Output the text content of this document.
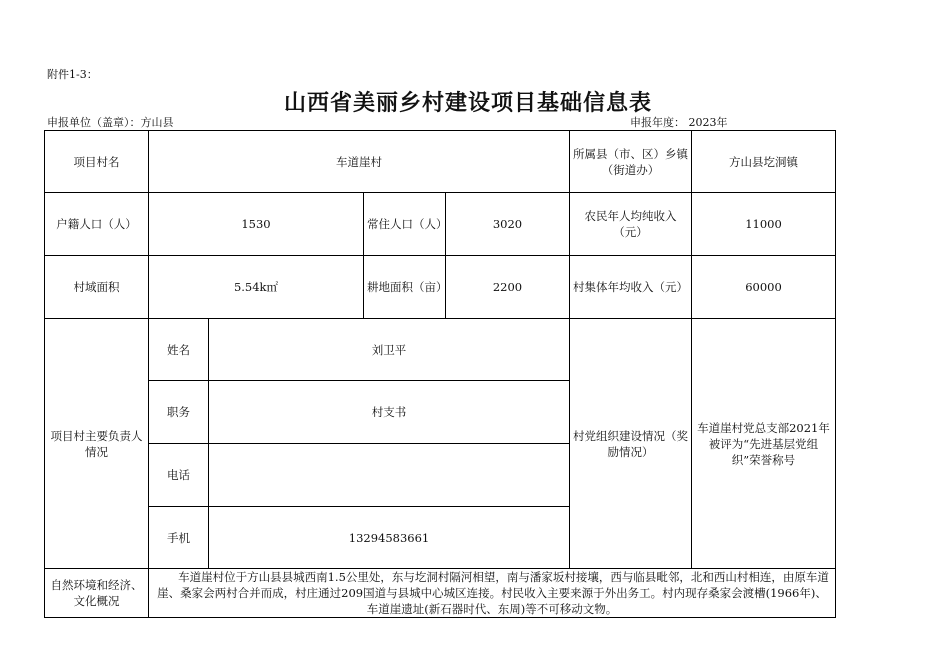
附件1-3：
山西省美丽乡村建设项目基础信息表
申报单位（盖章）：方山县	申报年度： 2023年
项目村名	车道崖村				所属县（市、区）乡镇（街道办）	方山县圪洞镇
户籍人口（人）	1530		常住人口（人）	3020	农民年人均纯收入（元）	11000
村域面积	5.54k㎡		耕地面积（亩）	2200	村集体年均收入（元）	60000
项目村主要负责人情况	姓名	刘卫平			村党组织建设情况（奖励情况）	车道崖村党总支部2021年被评为“先进基层党组织”荣誉称号
	职务	村支书				
	电话					
	手机	13294583661				
自然环境和经济、文化概况	　　车道崖村位于方山县县城西南1.5公里处，东与圪洞村隔河相望，南与潘家坂村接壤，西与临县毗邻，北和西山村相连，由原车道崖、桑家会两村合并而成，村庄通过209国道与县城中心城区连接。村民收入主要来源于外出务工。村内现存桑家会渡槽(1966年)、车道崖遗址(新石器时代、东周)等不可移动文物。					
